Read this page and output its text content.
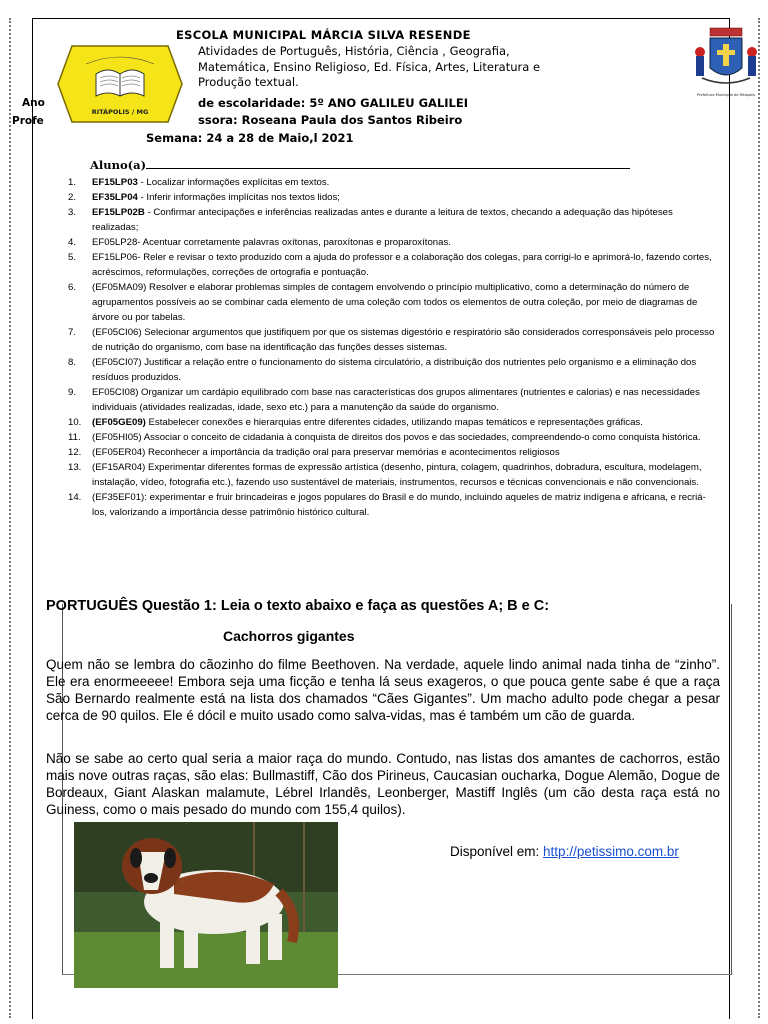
RITÁPOLIS / MG
ESCOLA MUNICIPAL MÁRCIA SILVA RESENDE
Atividades de Português, História, Ciência , Geografia, Matemática, Ensino Religioso, Ed. Física, Artes, Literatura e Produção textual.
Ano
Profe
de escolaridade: 5º ANO GALILEU GALILEI
ssora: Roseana Paula dos Santos Ribeiro
Semana: 24 a 28 de Maio,l 2021
Prefeitura Municipal de Ritápolis
Aluno(a)
1. EF15LP03 - Localizar informações explícitas em textos.
2. EF35LP04 - Inferir informações implícitas nos textos lidos;
3. EF15LP02B - Confirmar antecipações e inferências realizadas antes e durante a leitura de textos, checando a adequação das hipóteses realizadas;
4. EF05LP28- Acentuar corretamente palavras oxítonas, paroxítonas e proparoxítonas.
5. EF15LP06- Reler e revisar o texto produzido com a ajuda do professor e a colaboração dos colegas, para corrigi-lo e aprimorá-lo, fazendo cortes, acréscimos, reformulações, correções de ortografia e pontuação.
6. (EF05MA09) Resolver e elaborar problemas simples de contagem envolvendo o princípio multiplicativo, como a determinação do número de agrupamentos possíveis ao se combinar cada elemento de uma coleção com todos os elementos de outra coleção, por meio de diagramas de árvore ou por tabelas.
7. (EF05CI06) Selecionar argumentos que justifiquem por que os sistemas digestório e respiratório são considerados corresponsáveis pelo processo de nutrição do organismo, com base na identificação das funções desses sistemas.
8. (EF05CI07) Justificar a relação entre o funcionamento do sistema circulatório, a distribuição dos nutrientes pelo organismo e a eliminação dos resíduos produzidos.
9. EF05CI08) Organizar um cardápio equilibrado com base nas características dos grupos alimentares (nutrientes e calorias) e nas necessidades individuais (atividades realizadas, idade, sexo etc.) para a manutenção da saúde do organismo.
10. (EF05GE09) Estabelecer conexões e hierarquias entre diferentes cidades, utilizando mapas temáticos e representações gráficas.
11. (EF05HI05) Associar o conceito de cidadania à conquista de direitos dos povos e das sociedades, compreendendo-o como conquista histórica.
12. (EF05ER04) Reconhecer a importância da tradição oral para preservar memórias e acontecimentos religiosos
13. (EF15AR04) Experimentar diferentes formas de expressão artística (desenho, pintura, colagem, quadrinhos, dobradura, escultura, modelagem, instalação, vídeo, fotografia etc.), fazendo uso sustentável de materiais, instrumentos, recursos e técnicas convencionais e não convencionais.
14. (EF35EF01): experimentar e fruir brincadeiras e jogos populares do Brasil e do mundo, incluindo aqueles de matriz indígena e africana, e recriá-los, valorizando a importância desse patrimônio histórico cultural.
PORTUGUÊS Questão 1: Leia o texto abaixo e faça as questões A; B e C:
Cachorros gigantes

Quem não se lembra do cãozinho do filme Beethoven. Na verdade, aquele lindo animal nada tinha de “zinho”. Ele era enormeeeee! Embora seja uma ficção e tenha lá seus exageros, o que pouca gente sabe é que a raça São Bernardo realmente está na lista dos chamados “Cães Gigantes”. Um macho adulto pode chegar a pesar cerca de 90 quilos. Ele é dócil e muito usado como salva-vidas, mas é também um cão de guarda.

Não se sabe ao certo qual seria a maior raça do mundo. Contudo, nas listas dos amantes de cachorros, estão mais nove outras raças, são elas: Bullmastiff, Cão dos Pirineus, Caucasian oucharka, Dogue Alemão, Dogue de Bordeaux, Giant Alaskan malamute, Lébrel Irlandês, Leonberger, Mastiff Inglês (um cão desta raça está no Guiness, como o mais pesado do mundo com 155,4 quilos).

Disponível em: http://petissimo.com.br
